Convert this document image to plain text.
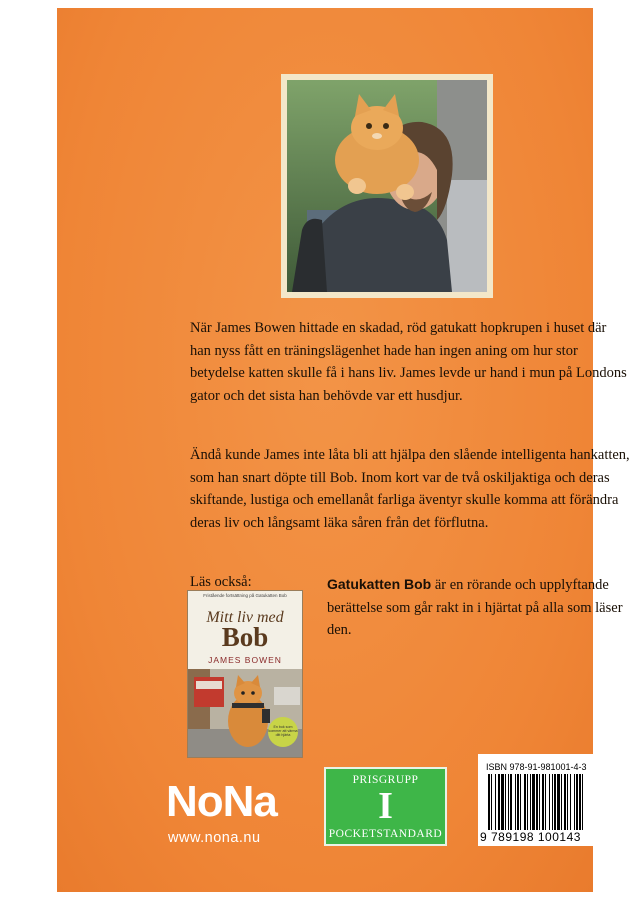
När James Bowen hittade en skadad, röd gatukatt hopkrupen i huset där han nyss fått en träningslägenhet hade han ingen aning om hur stor betydelse katten skulle få i hans liv. James levde ur hand i mun på Londons gator och det sista han behövde var ett husdjur.

Ändå kunde James inte låta bli att hjälpa den slående intelligenta hankatten, som han snart döpte till Bob. Inom kort var de två oskiljaktiga och deras skiftande, lustiga och emellanåt farliga äventyr skulle komma att förändra deras liv och långsamt läka såren från det förflutna.

Läs också:	Gatukatten Bob är en rörande och upplyftande berättelse som går rakt in i hjärtat på alla som läser den.

Fristående fortsättning på Gatukatten Bob
Mitt liv med
Bob
JAMES BOWEN
En bok som kommer att värma ditt hjärta
NoNa
www.nona.nu
PRISGRUPP
I
POCKETSTANDARD
ISBN 978-91-981001-4-3
9 789198 100143
